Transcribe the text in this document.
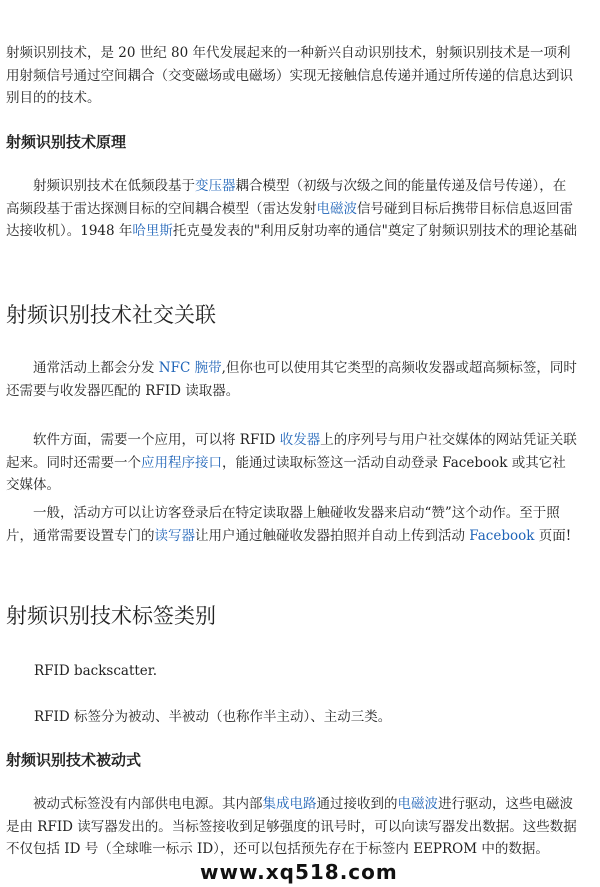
射频识别技术，是 20 世纪 80 年代发展起来的一种新兴自动识别技术，射频识别技术是一项利用射频信号通过空间耦合（交变磁场或电磁场）实现无接触信息传递并通过所传递的信息达到识别目的的技术。

射频识别技术原理

射频识别技术在低频段基于变压器耦合模型（初级与次级之间的能量传递及信号传递），在高频段基于雷达探测目标的空间耦合模型（雷达发射电磁波信号碰到目标后携带目标信息返回雷达接收机）。1948 年哈里斯托克曼发表的"利用反射功率的通信"奠定了射频识别技术的理论基础

射频识别技术社交关联

通常活动上都会分发 NFC 腕带,但你也可以使用其它类型的高频收发器或超高频标签，同时还需要与收发器匹配的 RFID 读取器。

软件方面，需要一个应用，可以将 RFID 收发器上的序列号与用户社交媒体的网站凭证关联起来。同时还需要一个应用程序接口，能通过读取标签这一活动自动登录 Facebook 或其它社交媒体。

一般，活动方可以让访客登录后在特定读取器上触碰收发器来启动“赞”这个动作。至于照片，通常需要设置专门的读写器让用户通过触碰收发器拍照并自动上传到活动 Facebook 页面!

射频识别技术标签类别

RFID backscatter.

RFID 标签分为被动、半被动（也称作半主动）、主动三类。

射频识别技术被动式

被动式标签没有内部供电电源。其内部集成电路通过接收到的电磁波进行驱动，这些电磁波是由 RFID 读写器发出的。当标签接收到足够强度的讯号时，可以向读写器发出数据。这些数据不仅包括 ID 号（全球唯一标示 ID），还可以包括预先存在于标签内 EEPROM 中的数据。

www.xq518.com
